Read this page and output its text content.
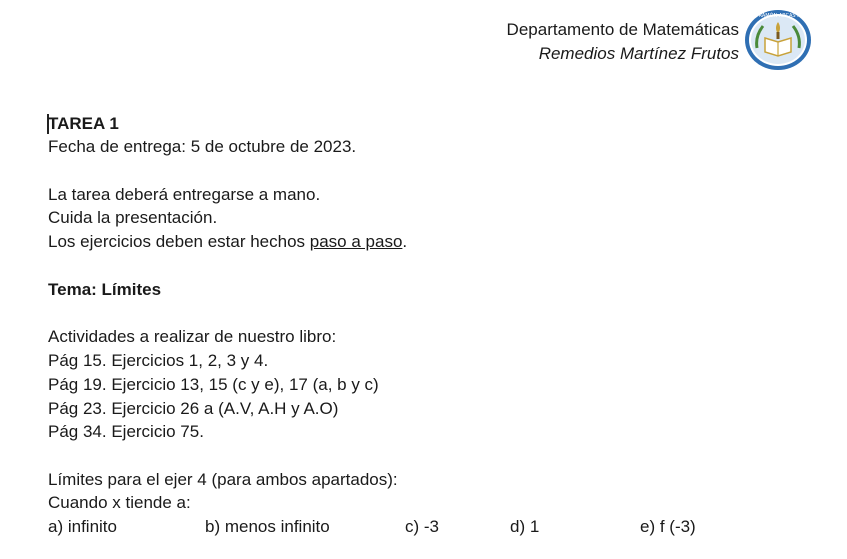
Departamento de Matemáticas
Remedios Martínez Frutos
I.E.S. RAMÓN ARCAS MECA
TAREA 1
Fecha de entrega: 5 de octubre de 2023.
La tarea deberá entregarse a mano.
Cuida la presentación.
Los ejercicios deben estar hechos paso a paso.
Tema: Límites
Actividades a realizar de nuestro libro:
Pág 15. Ejercicios 1, 2, 3 y 4.
Pág 19. Ejercicio 13, 15 (c y e), 17 (a, b y c)
Pág 23. Ejercicio 26 a (A.V, A.H y A.O)
Pág 34. Ejercicio 75.
Límites para el ejer 4 (para ambos apartados):
Cuando x tiende a:
a) infinito	b) menos infinito	c) -3	d) 1	e) f (-3)
